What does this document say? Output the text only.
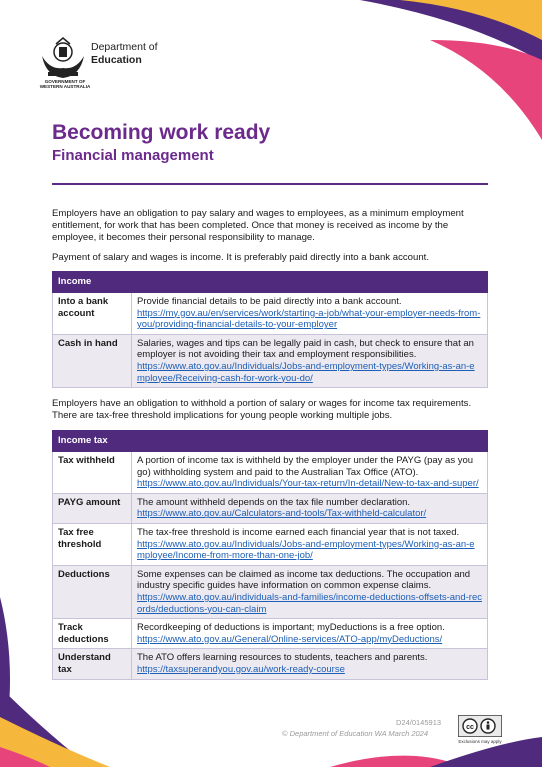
GOVERNMENT OF
WESTERN AUSTRALIA
Department of
Education
Becoming work ready
Financial management

Employers have an obligation to pay salary and wages to employees, as a minimum employment entitlement, for work that has been completed. Once that money is received as income by the employee, it becomes their personal responsibility to manage.

Payment of salary and wages is income. It is preferably paid directly into a bank account.

Income	
Into a bank account	Provide financial details to be paid directly into a bank account.
https://my.gov.au/en/services/work/starting-a-job/what-your-employer-needs-from-you/providing-financial-details-to-your-employer
Cash in hand	Salaries, wages and tips can be legally paid in cash, but check to ensure that an employer is not avoiding their tax and employment responsibilities.
https://www.ato.gov.au/Individuals/Jobs-and-employment-types/Working-as-an-employee/Receiving-cash-for-work-you-do/

Employers have an obligation to withhold a portion of salary or wages for income tax requirements. There are tax-free threshold implications for young people working multiple jobs.

Income tax	
Tax withheld	A portion of income tax is withheld by the employer under the PAYG (pay as you go) withholding system and paid to the Australian Tax Office (ATO).
https://www.ato.gov.au/Individuals/Your-tax-return/In-detail/New-to-tax-and-super/
PAYG amount	The amount withheld depends on the tax file number declaration.
https://www.ato.gov.au/Calculators-and-tools/Tax-withheld-calculator/
Tax free threshold	The tax-free threshold is income earned each financial year that is not taxed.
https://www.ato.gov.au/Individuals/Jobs-and-employment-types/Working-as-an-employee/Income-from-more-than-one-job/
Deductions	Some expenses can be claimed as income tax deductions. The occupation and industry specific guides have information on common expense claims.
https://www.ato.gov.au/individuals-and-families/income-deductions-offsets-and-records/deductions-you-can-claim
Track deductions	Recordkeeping of deductions is important; myDeductions is a free option.
https://www.ato.gov.au/General/Online-services/ATO-app/myDeductions/
Understand tax	The ATO offers learning resources to students, teachers and parents.
https://taxsuperandyou.gov.au/work-ready-course
D24/0145913
© Department of Education WA March 2024
cc
Exclusions may apply
